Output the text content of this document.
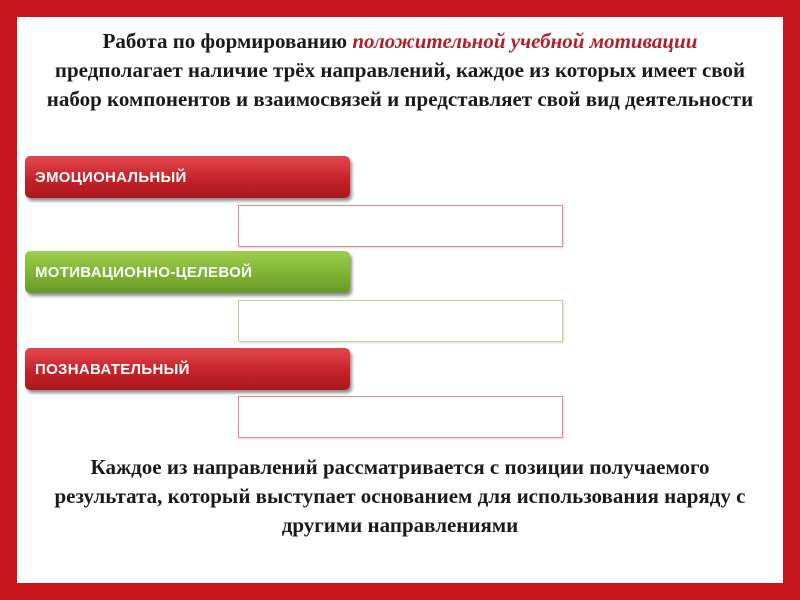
Работа по формированию положительной учебной мотивации предполагает наличие трёх направлений, каждое из которых имеет свой набор компонентов и взаимосвязей и представляет свой вид деятельности

ЭМОЦИОНАЛЬНЫЙ
МОТИВАЦИОННО-ЦЕЛЕВОЙ
ПОЗНАВАТЕЛЬНЫЙ

Каждое из направлений рассматривается с позиции получаемого результата, который выступает основанием для использования наряду с другими направлениями
